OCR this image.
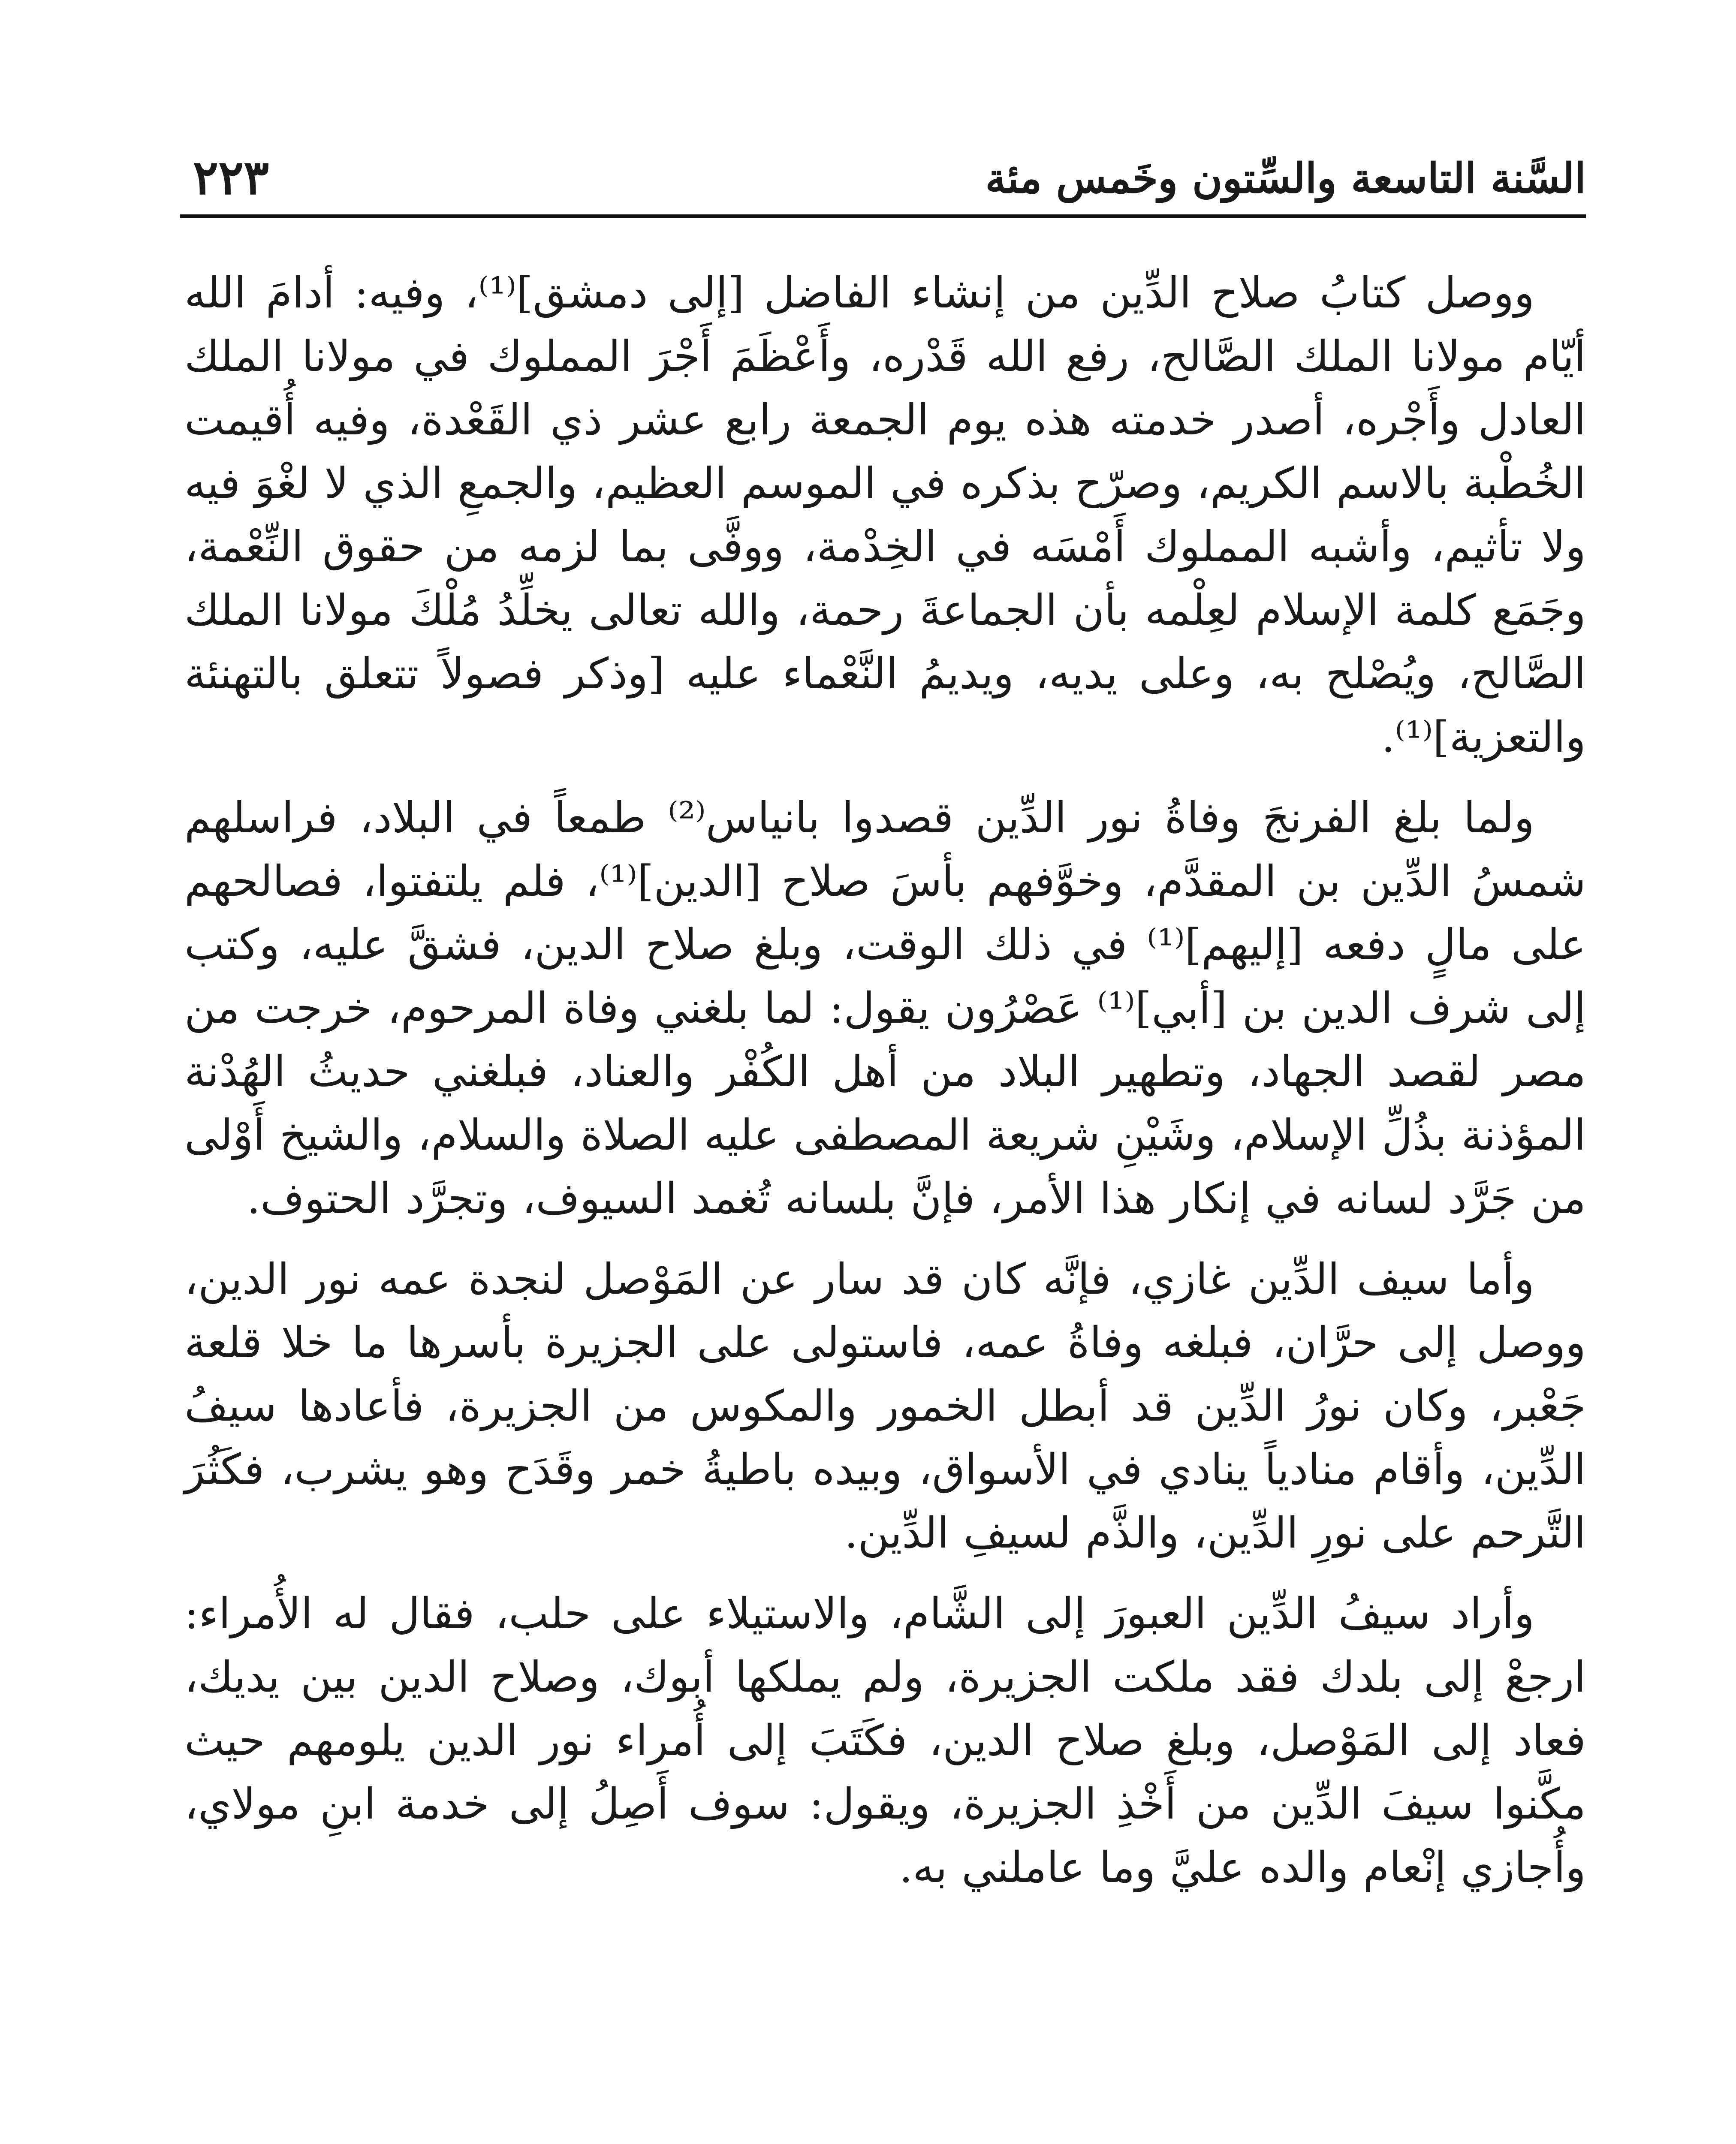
السَّنة التاسعة والسِّتون وخَمس مئة
٢٢٣

ووصل كتابُ صلاح الدِّين من إنشاء الفاضل [إلى دمشق]⁽¹⁾، وفيه: أدامَ الله أيّام مولانا الملك الصَّالح، رفع الله قَدْره، وأَعْظَمَ أَجْرَ المملوك في مولانا الملك العادل وأَجْره، أصدر خدمته هذه يوم الجمعة رابع عشر ذي القَعْدة، وفيه أُقيمت الخُطْبة بالاسم الكريم، وصرّح بذكره في الموسم العظيم، والجمعِ الذي لا لغْوَ فيه ولا تأثيم، وأشبه المملوك أَمْسَه في الخِدْمة، ووفَّى بما لزمه من حقوق النِّعْمة، وجَمَع كلمة الإسلام لعِلْمه بأن الجماعةَ رحمة، والله تعالى يخلِّدُ مُلْكَ مولانا الملك الصَّالح، ويُصْلح به، وعلى يديه، ويديمُ النَّعْماء عليه [وذكر فصولاً تتعلق بالتهنئة والتعزية]⁽¹⁾.

ولما بلغ الفرنجَ وفاةُ نور الدِّين قصدوا بانياس⁽²⁾ طمعاً في البلاد، فراسلهم شمسُ الدِّين بن المقدَّم، وخوَّفهم بأسَ صلاح [الدين]⁽¹⁾، فلم يلتفتوا، فصالحهم على مالٍ دفعه [إليهم]⁽¹⁾ في ذلك الوقت، وبلغ صلاح الدين، فشقَّ عليه، وكتب إلى شرف الدين بن [أبي]⁽¹⁾ عَصْرُون يقول: لما بلغني وفاة المرحوم، خرجت من مصر لقصد الجهاد، وتطهير البلاد من أهل الكُفْر والعناد، فبلغني حديثُ الهُدْنة المؤذنة بذُلِّ الإسلام، وشَيْنِ شريعة المصطفى عليه الصلاة والسلام، والشيخ أَوْلى من جَرَّد لسانه في إنكار هذا الأمر، فإنَّ بلسانه تُغمد السيوف، وتجرَّد الحتوف.

وأما سيف الدِّين غازي، فإنَّه كان قد سار عن المَوْصل لنجدة عمه نور الدين، ووصل إلى حرَّان، فبلغه وفاةُ عمه، فاستولى على الجزيرة بأسرها ما خلا قلعة جَعْبر، وكان نورُ الدِّين قد أبطل الخمور والمكوس من الجزيرة، فأعادها سيفُ الدِّين، وأقام منادياً ينادي في الأسواق، وبيده باطيةُ خمر وقَدَح وهو يشرب، فكَثُرَ التَّرحم على نورِ الدِّين، والذَّم لسيفِ الدِّين.

وأراد سيفُ الدِّين العبورَ إلى الشَّام، والاستيلاء على حلب، فقال له الأُمراء: ارجعْ إلى بلدك فقد ملكت الجزيرة، ولم يملكها أبوك، وصلاح الدين بين يديك، فعاد إلى المَوْصل، وبلغ صلاح الدين، فكَتَبَ إلى أُمراء نور الدين يلومهم حيث مكَّنوا سيفَ الدِّين من أَخْذِ الجزيرة، ويقول: سوف أَصِلُ إلى خدمة ابنِ مولاي، وأُجازي إنْعام والده عليَّ وما عاملني به.
